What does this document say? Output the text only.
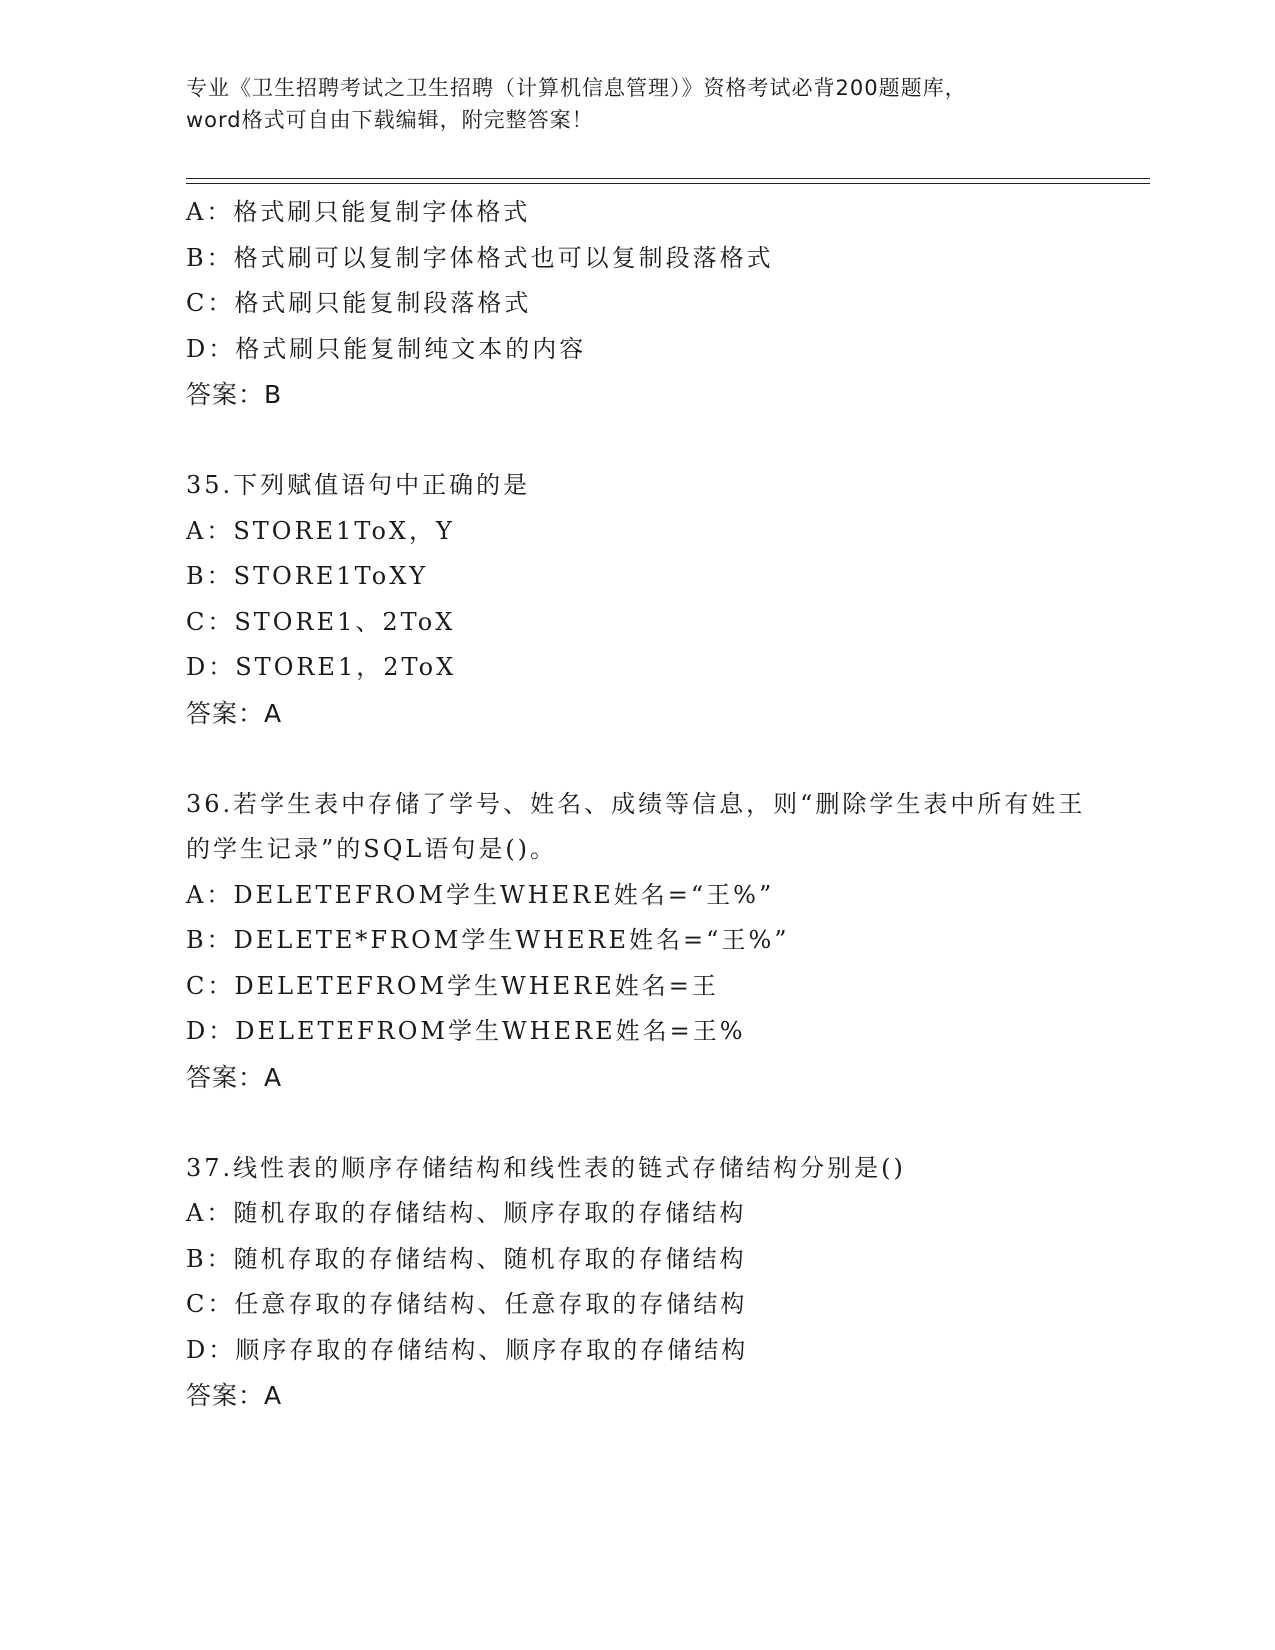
专业《卫生招聘考试之卫生招聘（计算机信息管理）》资格考试必背200题题库，
word格式可自由下载编辑，附完整答案！
A：格式刷只能复制字体格式
B：格式刷可以复制字体格式也可以复制段落格式
C：格式刷只能复制段落格式
D：格式刷只能复制纯文本的内容
答案：B
35.下列赋值语句中正确的是
A：STORE1ToX，Y
B：STORE1ToXY
C：STORE1、2ToX
D：STORE1，2ToX
答案：A
36.若学生表中存储了学号、姓名、成绩等信息，则“删除学生表中所有姓王的学生记录”的SQL语句是()。
A：DELETEFROM学生WHERE姓名=“王%”
B：DELETE*FROM学生WHERE姓名=“王%”
C：DELETEFROM学生WHERE姓名=王
D：DELETEFROM学生WHERE姓名=王%
答案：A
37.线性表的顺序存储结构和线性表的链式存储结构分别是()
A：随机存取的存储结构、顺序存取的存储结构
B：随机存取的存储结构、随机存取的存储结构
C：任意存取的存储结构、任意存取的存储结构
D：顺序存取的存储结构、顺序存取的存储结构
答案：A
